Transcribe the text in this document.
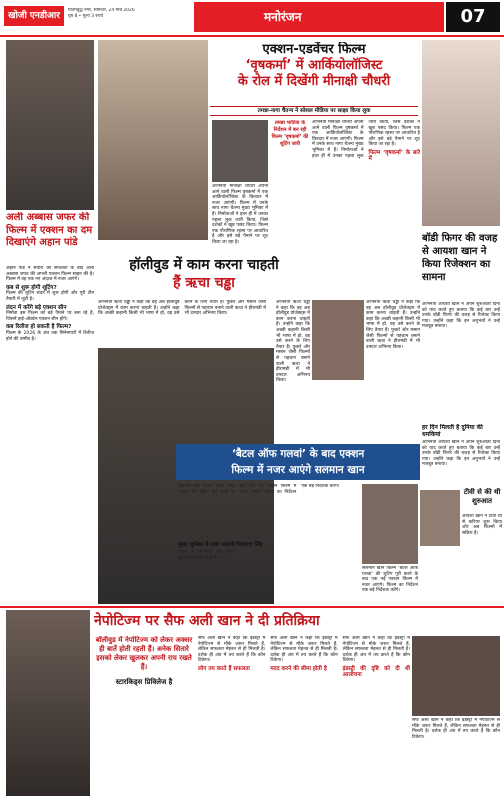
खोजी एनडीआर
गौतमबुद्ध नगर, सोमवार, 24 मार्च 2026
पृष्ठ 8 • मूल्य 3 रुपये	मनोरंजन	07
अली अब्बास जफर की फिल्म में एक्शन का दम दिखाएंगे अहान पांडे
अहान पांडे ने सैयारा की सफलता के बाद अली अब्बास जफर की अगली एक्शन फिल्म साइन की है। फिल्म में वह एक नए अंदाज में नजर आएंगे।
कब से शुरू होगी शूटिंग?
फिल्म की शूटिंग लंदन में शुरू होगी और पूरी टीम तैयारी में जुटी है।
लंदन में करेंगे बड़े एक्शन सीन
निर्माता इस फिल्म को बड़े पैमाने पर बना रहे हैं, जिसमें हाई-ऑक्टेन एक्शन सीन होंगे।
कब रिलीज हो सकती है फिल्म?
फिल्म के 2026 के अंत तक सिनेमाघरों में रिलीज होने की उम्मीद है।
एक्शन-एडवेंचर फिल्म
‘वृषकर्मा’ में आर्कियोलॉजिस्ट
के रोल में दिखेंगी मीनाक्षी चौधरी
तमन्ना-नागा चैतन्य ने सोशल मीडिया पर साझा किया लुक
तमन्ना भाटिया के निर्देशन में बन रही फिल्म ‘वृषकर्मा’ की शूटिंग जारी
अभिनेत्री मीनाक्षी चौधरी अपनी आने वाली फिल्म वृषकर्मा में एक आर्कियोलॉजिस्ट के किरदार में नजर आएंगी। फिल्म में उनके साथ नागा चैतन्य मुख्य भूमिका में हैं। निर्माताओं ने हाल ही में उनका पहला लुक जारी किया, जिसे दर्शकों ने खूब पसंद किया। फिल्म एक पौराणिक रहस्य पर आधारित है और इसे बड़े पैमाने पर शूट किया जा रहा है।
फिल्म ‘वृषकर्मा’ के बारे में
अभिनेत्री मीनाक्षी चौधरी अपनी आने वाली फिल्म वृषकर्मा में एक आर्कियोलॉजिस्ट के किरदार में नजर आएंगी। फिल्म में उनके साथ नागा चैतन्य मुख्य भूमिका में हैं। निर्माताओं ने हाल ही में उनका पहला लुक जारी किया, जिसे दर्शकों ने खूब पसंद किया। फिल्म एक पौराणिक रहस्य पर आधारित है और इसे बड़े पैमाने पर शूट किया जा रहा है।
हॉलीवुड में काम करना चाहती
हैं ऋचा चड्ढा
अभिनेत्री ऋचा चड्ढा ने कहा कि वह अब हॉलीवुड प्रोजेक्ट्स में काम करना चाहती हैं। उन्होंने कहा कि अच्छी कहानी किसी भी भाषा में हो, वह उसे करने के लिए तैयार हैं। फुकरे और मसान जैसी फिल्मों से पहचान बनाने वाली ऋचा ने हीरामंडी में भी दमदार अभिनय किया।
अभिनेत्री ऋचा चड्ढा ने कहा कि वह अब हॉलीवुड प्रोजेक्ट्स में काम करना चाहती हैं। उन्होंने कहा कि अच्छी कहानी किसी भी भाषा में हो, वह उसे करने के लिए तैयार हैं। फुकरे और मसान जैसी फिल्मों से पहचान बनाने वाली ऋचा ने हीरामंडी में भी दमदार अभिनय किया।
अभिनेत्री ऋचा चड्ढा ने कहा कि वह अब हॉलीवुड प्रोजेक्ट्स में काम करना चाहती हैं। उन्होंने कहा कि अच्छी कहानी किसी भी भाषा में हो, वह उसे करने के लिए तैयार हैं। फुकरे और मसान जैसी फिल्मों से पहचान बनाने वाली ऋचा ने हीरामंडी में भी दमदार अभिनय किया।
बॉडी फिगर की वजह से आयशा खान ने किया रिजेक्शन का सामना
अभिनेत्री आयशा खान ने अपने शुरुआती दिनों को याद करते हुए बताया कि कई बार उन्हें उनके बॉडी फिगर की वजह से रिजेक्ट किया गया। उन्होंने कहा कि इन अनुभवों ने उन्हें मजबूत बनाया।
हर दिन मिलती है दुनिया की धमकियां
अभिनेत्री आयशा खान ने अपने शुरुआती दिनों को याद करते हुए बताया कि कई बार उन्हें उनके बॉडी फिगर की वजह से रिजेक्ट किया गया। उन्होंने कहा कि इन अनुभवों ने उन्हें मजबूत बनाया।
टीवी से की थी शुरुआत
आयशा खान ने टीवी शो से करियर शुरू किया और अब फिल्मों में सक्रिय हैं।
‘बैटल ऑफ गलवां’ के बाद एक्शन
फिल्म में नजर आएंगे सलमान खान
सलमान खान फिल्म ‘बैटल ऑफ गलवां’ की शूटिंग पूरी करने के बाद एक नई एक्शन फिल्म में नजर आएंगे। फिल्म का निर्देशन एक बड़े निर्देशक करेंगे।
मुख्य भूमिका में नजर आएगी चित्रांगदा सिंह
फिल्म में चित्रांगदा सिंह मुख्य भूमिका निभाती दिखेंगी।
सलमान खान फिल्म ‘बैटल ऑफ गलवां’ की शूटिंग पूरी करने के बाद एक नई एक्शन फिल्म में नजर आएंगे। फिल्म का निर्देशन एक बड़े निर्देशक करेंगे।
नेपोटिज्म पर सैफ अली खान ने दी प्रतिक्रिया
बॉलीवुड में नेपोटिज्म को लेकर अक्सर ही बातें होती रहती हैं। अनेक सितारे इसको लेकर खुलकर अपनी राय रखते हैं।
स्टारकिड्स प्रिविलेज है
सैफ अली खान ने कहा कि इंडस्ट्री में नेपोटिज्म से मौके जरूर मिलते हैं, लेकिन सफलता मेहनत से ही मिलती है। दर्शक ही अंत में तय करते हैं कि कौन टिकेगा।
लोग तय करते हैं सफलता
सैफ अली खान ने कहा कि इंडस्ट्री में नेपोटिज्म से मौके जरूर मिलते हैं, लेकिन सफलता मेहनत से ही मिलती है। दर्शक ही अंत में तय करते हैं कि कौन टिकेगा।
मदद करने की सीमा होती है
सैफ अली खान ने कहा कि इंडस्ट्री में नेपोटिज्म से मौके जरूर मिलते हैं, लेकिन सफलता मेहनत से ही मिलती है। दर्शक ही अंत में तय करते हैं कि कौन टिकेगा।
इंडस्ट्री की दृष्टि को दी थी आलोचना
सैफ अली खान ने कहा कि इंडस्ट्री में नेपोटिज्म से मौके जरूर मिलते हैं, लेकिन सफलता मेहनत से ही मिलती है। दर्शक ही अंत में तय करते हैं कि कौन टिकेगा।
